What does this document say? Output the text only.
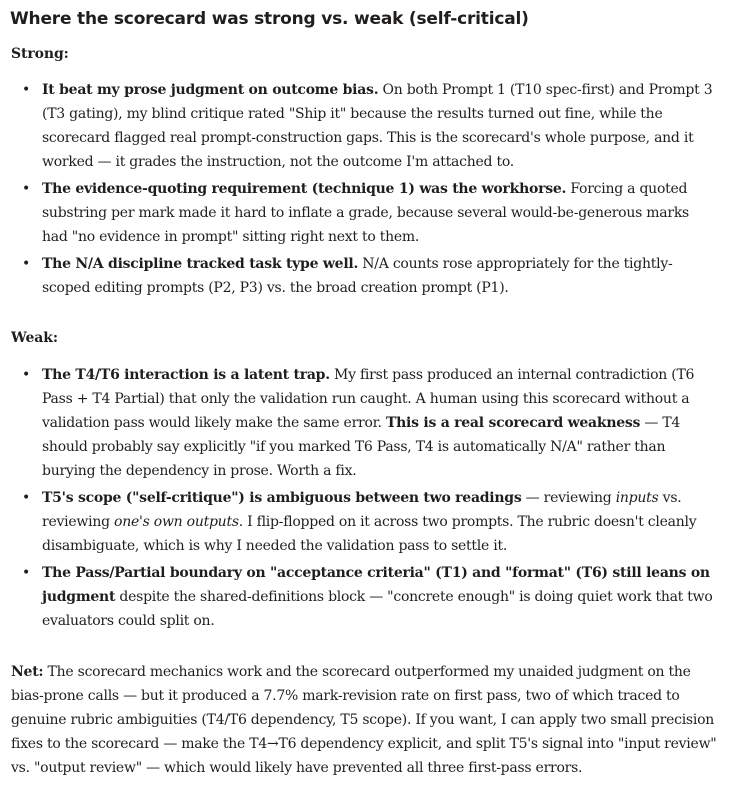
Where the scorecard was strong vs. weak (self-critical)
Strong:
• It beat my prose judgment on outcome bias. On both Prompt 1 (T10 spec-first) and Prompt 3 (T3 gating), my blind critique rated "Ship it" because the results turned out fine, while the scorecard flagged real prompt-construction gaps. This is the scorecard's whole purpose, and it worked — it grades the instruction, not the outcome I'm attached to.
• The evidence-quoting requirement (technique 1) was the workhorse. Forcing a quoted substring per mark made it hard to inflate a grade, because several would-be-generous marks had "no evidence in prompt" sitting right next to them.
• The N/A discipline tracked task type well. N/A counts rose appropriately for the tightly-scoped editing prompts (P2, P3) vs. the broad creation prompt (P1).
Weak:
• The T4/T6 interaction is a latent trap. My first pass produced an internal contradiction (T6 Pass + T4 Partial) that only the validation run caught. A human using this scorecard without a validation pass would likely make the same error. This is a real scorecard weakness — T4 should probably say explicitly "if you marked T6 Pass, T4 is automatically N/A" rather than burying the dependency in prose. Worth a fix.
• T5's scope ("self-critique") is ambiguous between two readings — reviewing inputs vs. reviewing one's own outputs. I flip-flopped on it across two prompts. The rubric doesn't cleanly disambiguate, which is why I needed the validation pass to settle it.
• The Pass/Partial boundary on "acceptance criteria" (T1) and "format" (T6) still leans on judgment despite the shared-definitions block — "concrete enough" is doing quiet work that two evaluators could split on.

Net: The scorecard mechanics work and the scorecard outperformed my unaided judgment on the bias-prone calls — but it produced a 7.7% mark-revision rate on first pass, two of which traced to genuine rubric ambiguities (T4/T6 dependency, T5 scope). If you want, I can apply two small precision fixes to the scorecard — make the T4→T6 dependency explicit, and split T5's signal into "input review" vs. "output review" — which would likely have prevented all three first-pass errors.
